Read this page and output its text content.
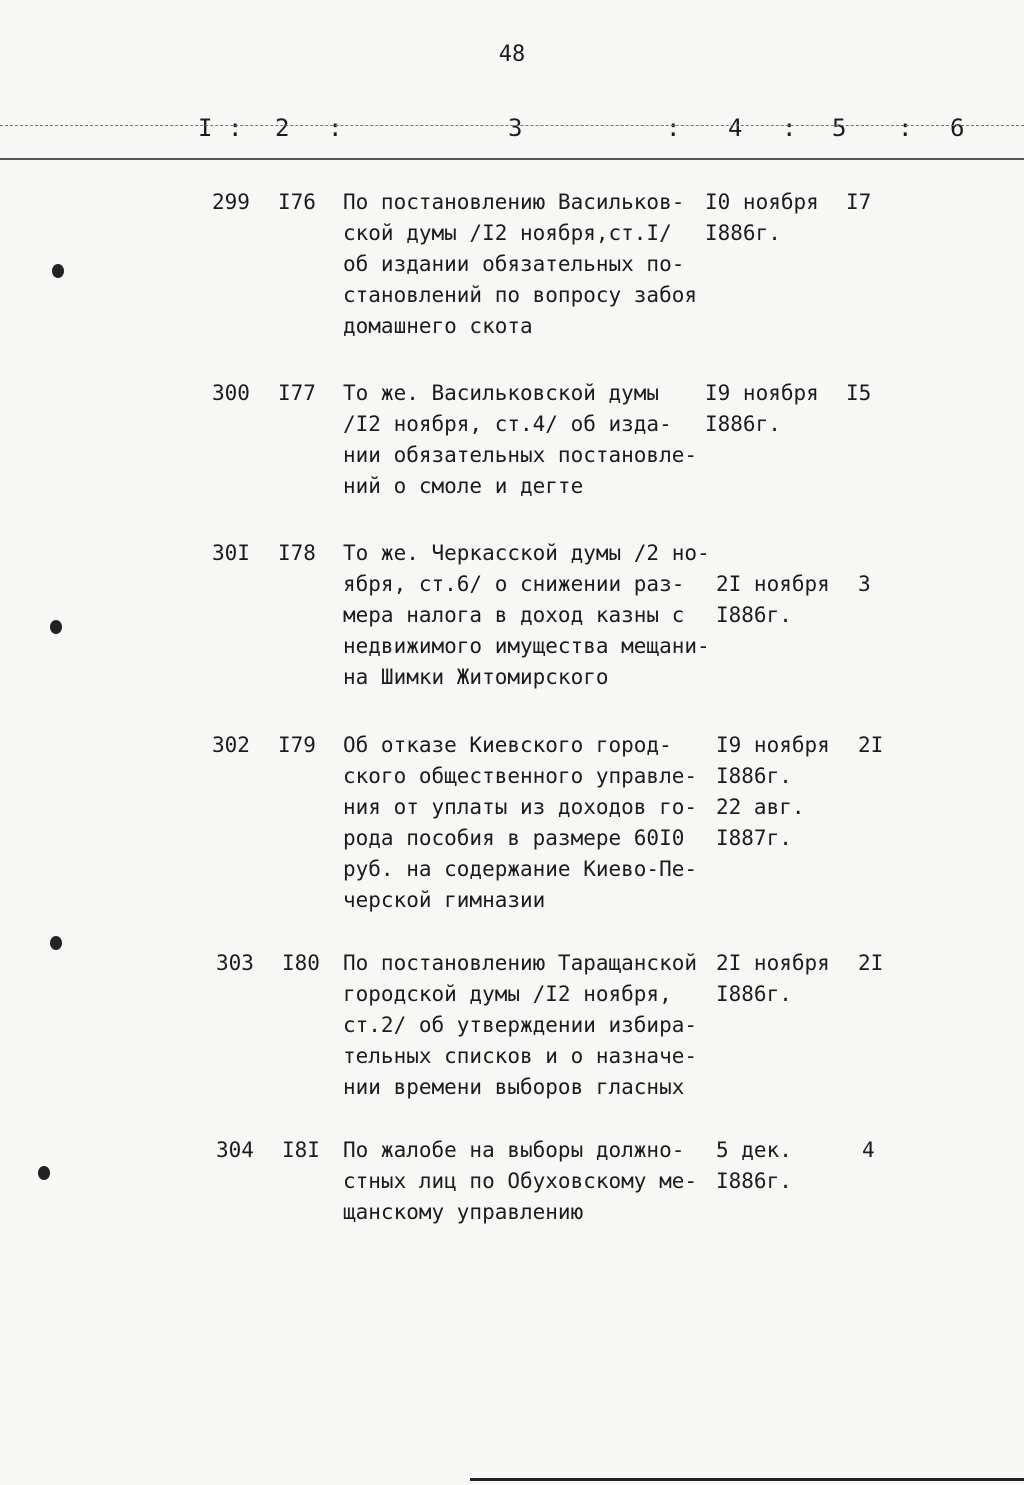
48
I : 2 :	3	: 4 : 5 : 6
299 I76 По постановлению Васильков-
ской думы /I2 ноября,ст.I/
об издании обязательных по-
становлений по вопросу забоя
домашнего скота
I0 ноября
I886г.
I7
300 I77 То же. Васильковской думы
/I2 ноября, ст.4/ об изда-
нии обязательных постановле-
ний о смоле и дегте
I9 ноября
I886г.
I5
30I I78 То же. Черкасской думы /2 но-
ября, ст.6/ о снижении раз-
мера налога в доход казны с
недвижимого имущества мещани-
на Шимки Житомирского
2I ноября
I886г.
3
302 I79 Об отказе Киевского город-
ского общественного управле-
ния от уплаты из доходов го-
рода пособия в размере 60I0
руб. на содержание Киево-Пе-
черской гимназии
I9 ноября
I886г.
22 авг.
I887г.
2I
303 I80 По постановлению Таращанской
городской думы /I2 ноября,
ст.2/ об утверждении избира-
тельных списков и о назначе-
нии времени выборов гласных
2I ноября
I886г.
2I
304 I8I По жалобе на выборы должно-
стных лиц по Обуховскому ме-
щанскому управлению
5 дек.
I886г.
4
